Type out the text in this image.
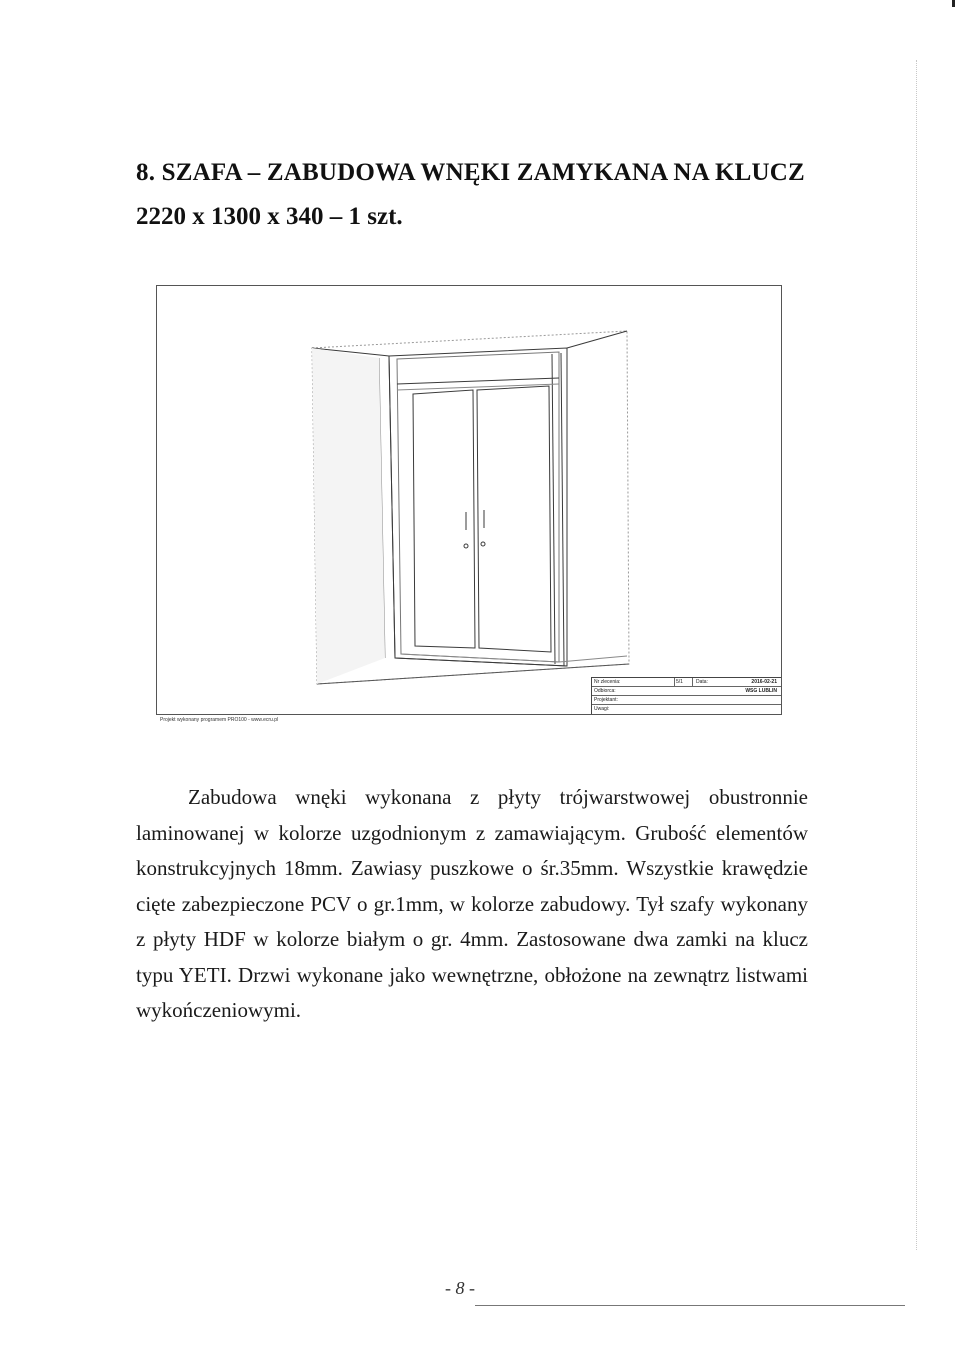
8. SZAFA – ZABUDOWA WNĘKI ZAMYKANA NA KLUCZ
2220 x 1300 x 340 – 1 szt.
Nr zlecenia:	5/1	Data:	2016-02-21
Odbiorca:	WSG LUBLIN
Projektant:
Uwagi:
Projekt wykonany programem PRO100 - www.ecru.pl

Zabudowa wnęki wykonana z płyty trójwarstwowej obustronnie laminowanej w kolorze uzgodnionym z zamawiającym. Grubość elementów konstrukcyjnych 18mm. Zawiasy puszkowe o śr.35mm. Wszystkie krawędzie cięte zabezpieczone PCV o gr.1mm, w kolorze zabudowy. Tył szafy wykonany z płyty HDF w kolorze białym o gr. 4mm. Zastosowane dwa zamki na klucz typu YETI. Drzwi wykonane jako wewnętrzne, obłożone na zewnątrz listwami wykończeniowymi.

- 8 -
